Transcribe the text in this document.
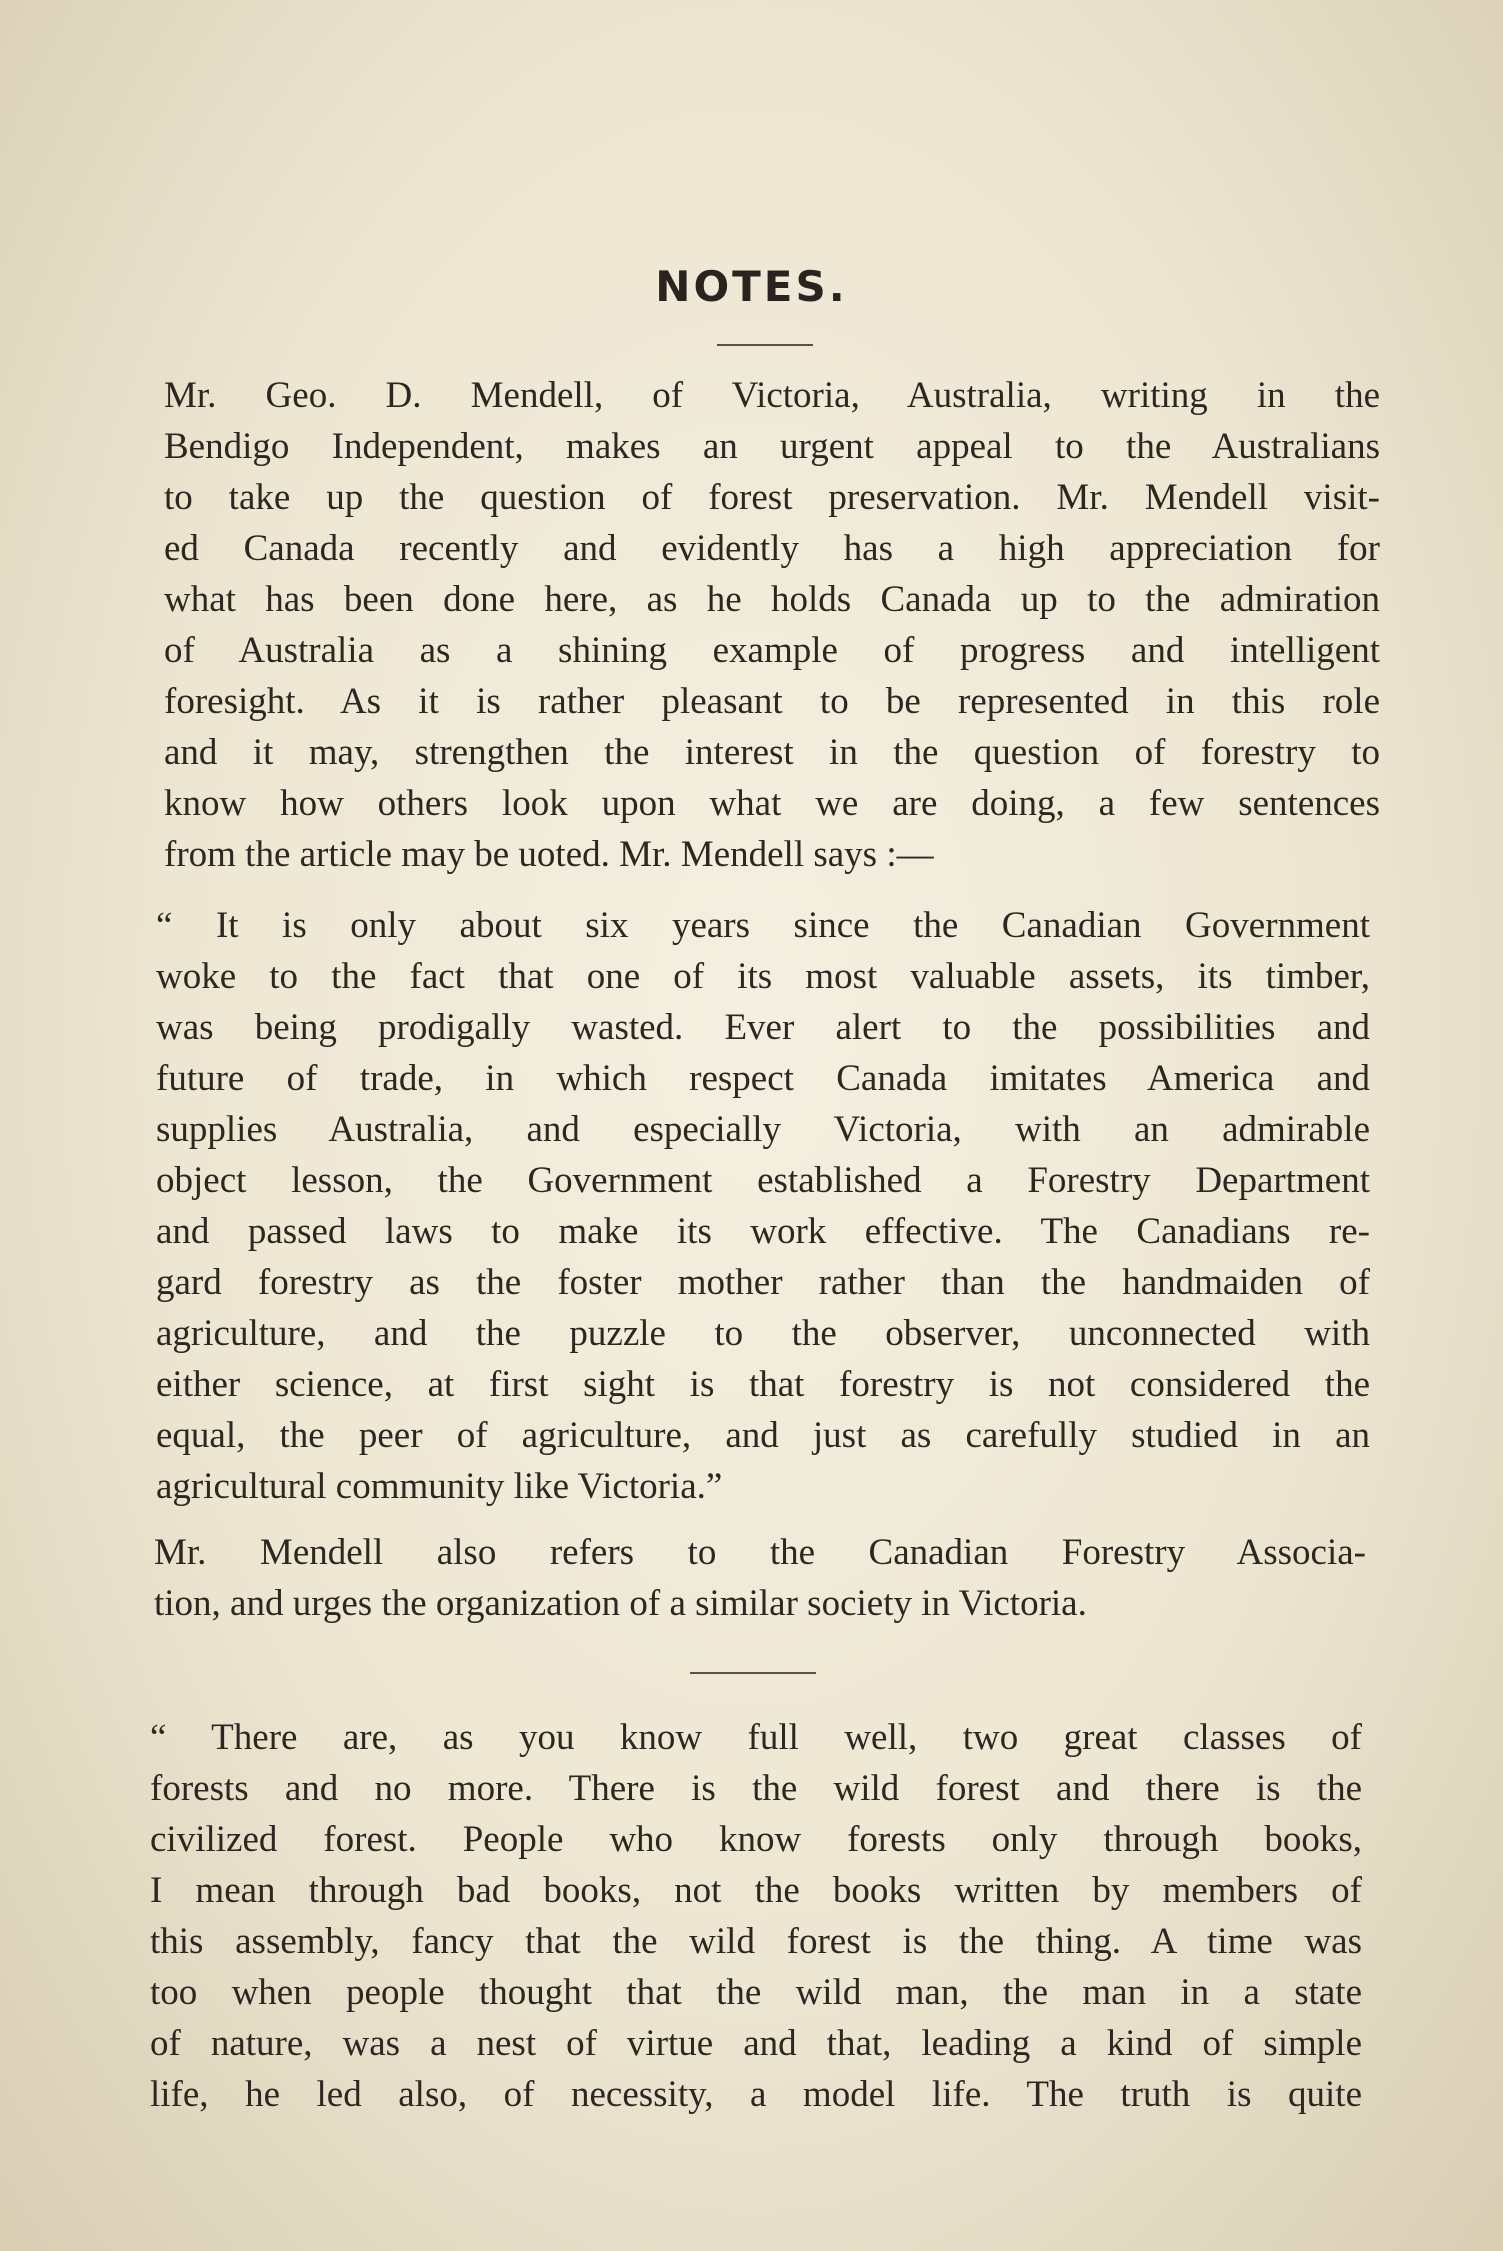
NOTES.
Mr. Geo. D. Mendell, of Victoria, Australia, writing in the
Bendigo Independent, makes an urgent appeal to the Australians
to take up the question of forest preservation. Mr. Mendell visit-
ed Canada recently and evidently has a high appreciation for
what has been done here, as he holds Canada up to the admiration
of Australia as a shining example of progress and intelligent
foresight. As it is rather pleasant to be represented in this role
and it may, strengthen the interest in the question of forestry to
know how others look upon what we are doing, a few sentences
from the article may be uoted. Mr. Mendell says :—
“ It is only about six years since the Canadian Government
woke to the fact that one of its most valuable assets, its timber,
was being prodigally wasted. Ever alert to the possibilities and
future of trade, in which respect Canada imitates America and
supplies Australia, and especially Victoria, with an admirable
object lesson, the Government established a Forestry Department
and passed laws to make its work effective. The Canadians re-
gard forestry as the foster mother rather than the handmaiden of
agriculture, and the puzzle to the observer, unconnected with
either science, at first sight is that forestry is not considered the
equal, the peer of agriculture, and just as carefully studied in an
agricultural community like Victoria.”
Mr. Mendell also refers to the Canadian Forestry Associa-
tion, and urges the organization of a similar society in Victoria.
“ There are, as you know full well, two great classes of
forests and no more. There is the wild forest and there is the
civilized forest. People who know forests only through books,
I mean through bad books, not the books written by members of
this assembly, fancy that the wild forest is the thing. A time was
too when people thought that the wild man, the man in a state
of nature, was a nest of virtue and that, leading a kind of simple
life, he led also, of necessity, a model life. The truth is quite
